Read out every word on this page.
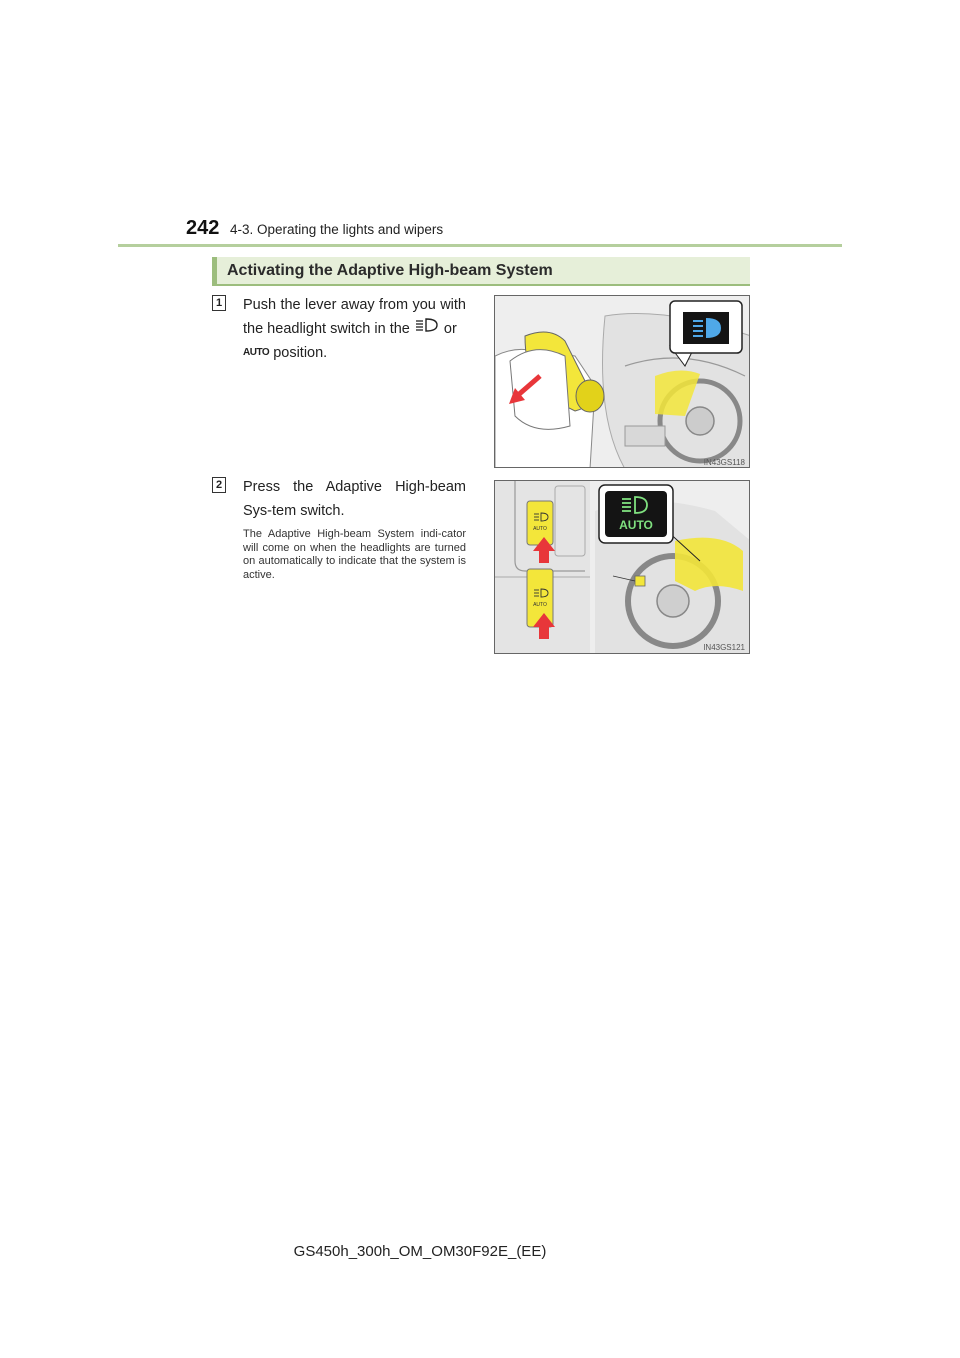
242 4-3. Operating the lights and wipers
Activating the Adaptive High-beam System
1 Push the lever away from you with the headlight switch in the or
AUTO position.
IN43GS118
2 Press the Adaptive High-beam Sys-tem switch.
The Adaptive High-beam System indi-cator will come on when the headlights are turned on automatically to indicate that the system is active.
AUTO
AUTO
AUTO
IN43GS121
GS450h_300h_OM_OM30F92E_(EE)
